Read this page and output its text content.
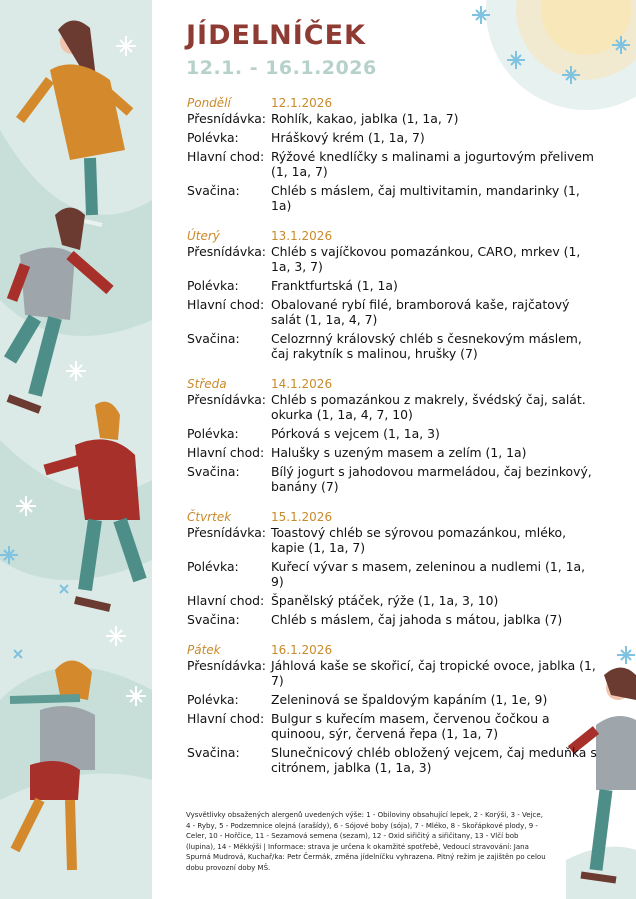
JÍDELNÍČEK
12.1. - 16.1.2026
Pondělí	12.1.2026
Přesnídávka: Rohlík, kakao, jablka (1, 1a, 7)
Polévka:	Hráškový krém (1, 1a, 7)
Hlavní chod: Rýžové knedlíčky s malinami a jogurtovým přelivem (1, 1a, 7)
Svačina:	Chléb s máslem, čaj multivitamin, mandarinky (1, 1a)
Úterý	13.1.2026
Přesnídávka: Chléb s vajíčkovou pomazánkou, CARO, mrkev (1, 1a, 3, 7)
Polévka:	Franktfurtská (1, 1a)
Hlavní chod: Obalované rybí filé, bramborová kaše, rajčatový salát (1, 1a, 4, 7)
Svačina:	Celozrnný královský chléb s česnekovým máslem, čaj rakytník s malinou, hrušky (7)
Středa	14.1.2026
Přesnídávka: Chléb s pomazánkou z makrely, švédský čaj, salát. okurka (1, 1a, 4, 7, 10)
Polévka:	Pórková s vejcem (1, 1a, 3)
Hlavní chod: Halušky s uzeným masem a zelím (1, 1a)
Svačina:	Bílý jogurt s jahodovou marmeládou, čaj bezinkový, banány (7)
Čtvrtek	15.1.2026
Přesnídávka: Toastový chléb se sýrovou pomazánkou, mléko, kapie (1, 1a, 7)
Polévka:	Kuřecí vývar s masem, zeleninou a nudlemi (1, 1a, 9)
Hlavní chod: Španělský ptáček, rýže (1, 1a, 3, 10)
Svačina:	Chléb s máslem, čaj jahoda s mátou, jablka (7)
Pátek	16.1.2026
Přesnídávka: Jáhlová kaše se skořicí, čaj tropické ovoce, jablka (1, 7)
Polévka:	Zeleninová se špaldovým kapáním (1, 1e, 9)
Hlavní chod: Bulgur s kuřecím masem, červenou čočkou a quinoou, sýr, červená řepa (1, 1a, 7)
Svačina:	Slunečnicový chléb obložený vejcem, čaj meduňka s citrónem, jablka (1, 1a, 3)
Vysvětlivky obsažených alergenů uvedených výše: 1 - Obiloviny obsahující lepek, 2 - Korýši, 3 - Vejce, 4 - Ryby, 5 - Podzemnice olejná (arašídy), 6 - Sójové boby (sója), 7 - Mléko, 8 - Skořápkové plody, 9 - Celer, 10 - Hořčice, 11 - Sezamová semena (sezam), 12 - Oxid siřičitý a siřičitany, 13 - Vlčí bob (lupina), 14 - Měkkýši | Informace: strava je určena k okamžité spotřebě, Vedoucí stravování: Jana Spurná Mudrová, Kuchař/ka: Petr Čermák, změna jídelníčku vyhrazena. Pitný režim je zajištěn po celou dobu provozní doby MŠ.
